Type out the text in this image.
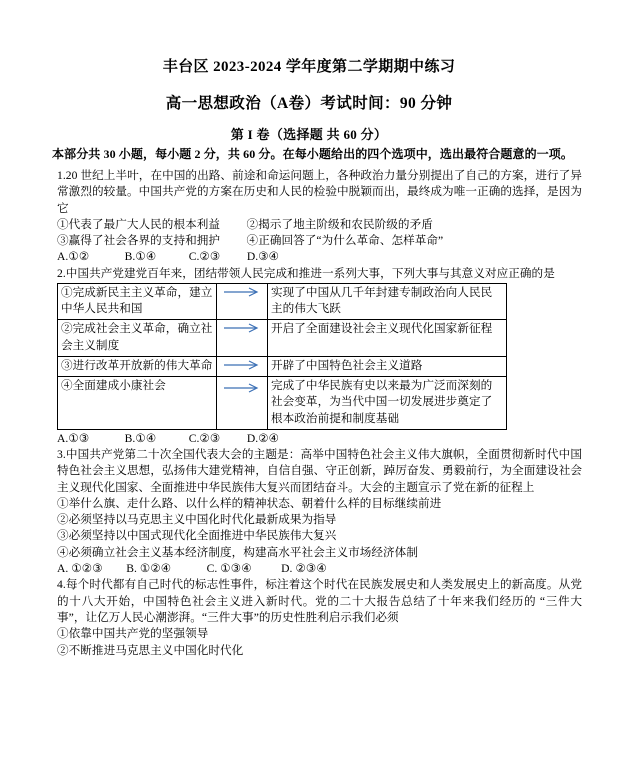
丰台区 2023-2024 学年度第二学期期中练习
高一思想政治（A卷）考试时间：90 分钟
第 I 卷（选择题 共 60 分）
本部分共 30 小题，每小题 2 分，共 60 分。在每小题给出的四个选项中，选出最符合题意的一项。

1.20 世纪上半叶，在中国的出路、前途和命运问题上，各种政治力量分别提出了自己的方案，进行了异常激烈的较量。中国共产党的方案在历史和人民的检验中脱颖而出，最终成为唯一正确的选择，是因为它

①代表了最广大人民的根本利益         ②揭示了地主阶级和农民阶级的矛盾
③赢得了社会各界的支持和拥护         ④正确回答了“为什么革命、怎样革命”
A.①②            B.①④           C.②③         D.③④

2.中国共产党建党百年来，团结带领人民完成和推进一系列大事，下列大事与其意义对应正确的是

①完成新民主主义革命，建立中华人民共和国		实现了中国从几千年封建专制政治向人民民主的伟大飞跃
②完成社会主义革命，确立社会主义制度		开启了全面建设社会主义现代化国家新征程
③进行改革开放新的伟大革命		开辟了中国特色社会主义道路
④全面建成小康社会		完成了中华民族有史以来最为广泛而深刻的社会变革，为当代中国一切发展进步奠定了根本政治前提和制度基础
A.①③            B.①④           C.②③         D.②④

3.中国共产党第二十次全国代表大会的主题是：高举中国特色社会主义伟大旗帜，全面贯彻新时代中国特色社会主义思想，弘扬伟大建党精神，自信自强、守正创新，踔厉奋发、勇毅前行，为全面建设社会主义现代化国家、全面推进中华民族伟大复兴而团结奋斗。大会的主题宣示了党在新的征程上

①举什么旗、走什么路、以什么样的精神状态、朝着什么样的目标继续前进
②必须坚持以马克思主义中国化时代化最新成果为指导
③必须坚持以中国式现代化全面推进中华民族伟大复兴
④必须确立社会主义基本经济制度，构建高水平社会主义市场经济体制
A. ①②③        B. ①②④            C. ①③④          D. ②③④

4.每个时代都有自己时代的标志性事件，标注着这个时代在民族发展史和人类发展史上的新高度。从党的十八大开始，中国特色社会主义进入新时代。党的二十大报告总结了十年来我们经历的 “三件大事”，让亿万人民心潮澎湃。“三件大事”的历史性胜利启示我们必须

①依靠中国共产党的坚强领导
②不断推进马克思主义中国化时代化
